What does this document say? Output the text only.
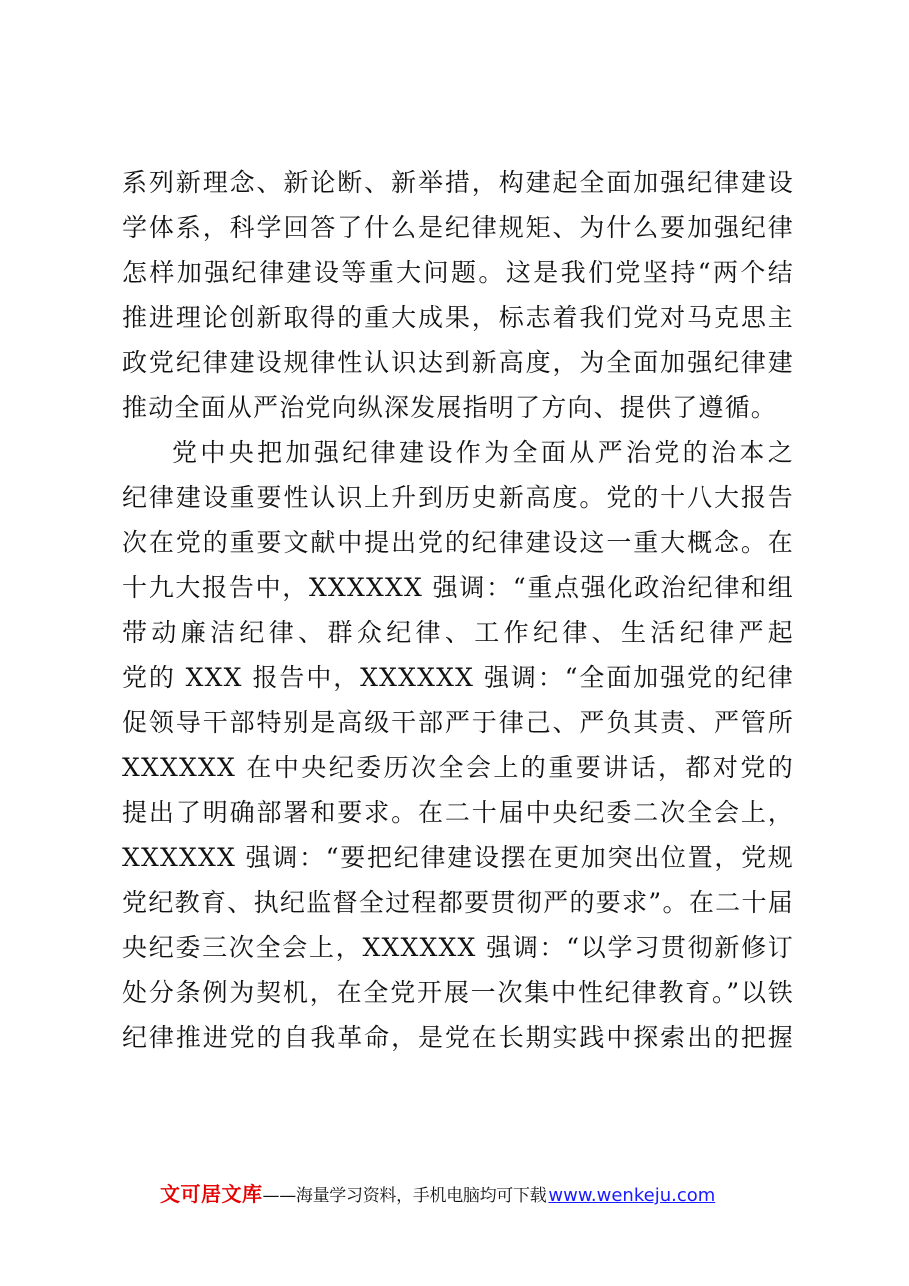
系列新理念、新论断、新举措，构建起全面加强纪律建设
学体系，科学回答了什么是纪律规矩、为什么要加强纪律
怎样加强纪律建设等重大问题。这是我们党坚持“两个结
推进理论创新取得的重大成果，标志着我们党对马克思主
政党纪律建设规律性认识达到新高度，为全面加强纪律建
推动全面从严治党向纵深发展指明了方向、提供了遵循。
党中央把加强纪律建设作为全面从严治党的治本之
纪律建设重要性认识上升到历史新高度。党的十八大报告
次在党的重要文献中提出党的纪律建设这一重大概念。在
十九大报告中，XXXXXX 强调：“重点强化政治纪律和组
带动廉洁纪律、群众纪律、工作纪律、生活纪律严起
党的 XXX 报告中，XXXXXX 强调：“全面加强党的纪律
促领导干部特别是高级干部严于律己、严负其责、严管所
XXXXXX 在中央纪委历次全会上的重要讲话，都对党的
提出了明确部署和要求。在二十届中央纪委二次全会上，
XXXXXX 强调：“要把纪律建设摆在更加突出位置，党规
党纪教育、执纪监督全过程都要贯彻严的要求”。在二十届
央纪委三次全会上，XXXXXX 强调：“以学习贯彻新修订
处分条例为契机，在全党开展一次集中性纪律教育。”以铁
纪律推进党的自我革命，是党在长期实践中探索出的把握
文可居文库 ——海量学习资料，手机电脑均可下载 www.wenkeju.com
